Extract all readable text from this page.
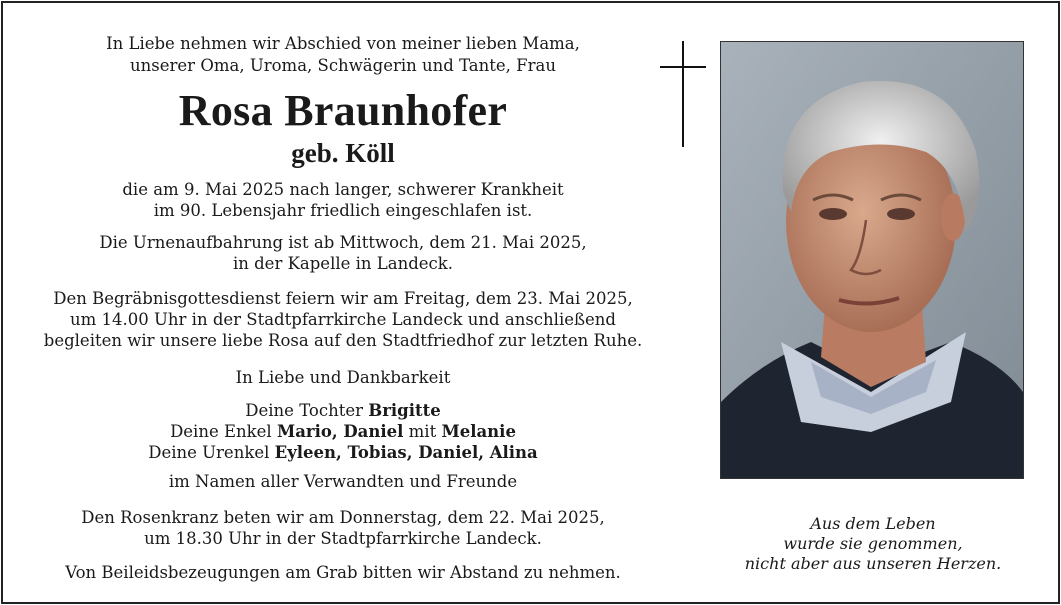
In Liebe nehmen wir Abschied von meiner lieben Mama,

unserer Oma, Uroma, Schwägerin und Tante, Frau

Rosa Braunhofer
geb. Köll

die am 9. Mai 2025 nach langer, schwerer Krankheit

im 90. Lebensjahr friedlich eingeschlafen ist.

Die Urnenaufbahrung ist ab Mittwoch, dem 21. Mai 2025,

in der Kapelle in Landeck.

Den Begräbnisgottesdienst feiern wir am Freitag, dem 23. Mai 2025,

um 14.00 Uhr in der Stadtpfarrkirche Landeck und anschließend

begleiten wir unsere liebe Rosa auf den Stadtfriedhof zur letzten Ruhe.

In Liebe und Dankbarkeit

Deine Tochter Brigitte

Deine Enkel Mario, Daniel mit Melanie

Deine Urenkel Eyleen, Tobias, Daniel, Alina

im Namen aller Verwandten und Freunde

Den Rosenkranz beten wir am Donnerstag, dem 22. Mai 2025,

um 18.30 Uhr in der Stadtpfarrkirche Landeck.

Von Beileidsbezeugungen am Grab bitten wir Abstand zu nehmen.

Aus dem Leben
wurde sie genommen,
nicht aber aus unseren Herzen.
